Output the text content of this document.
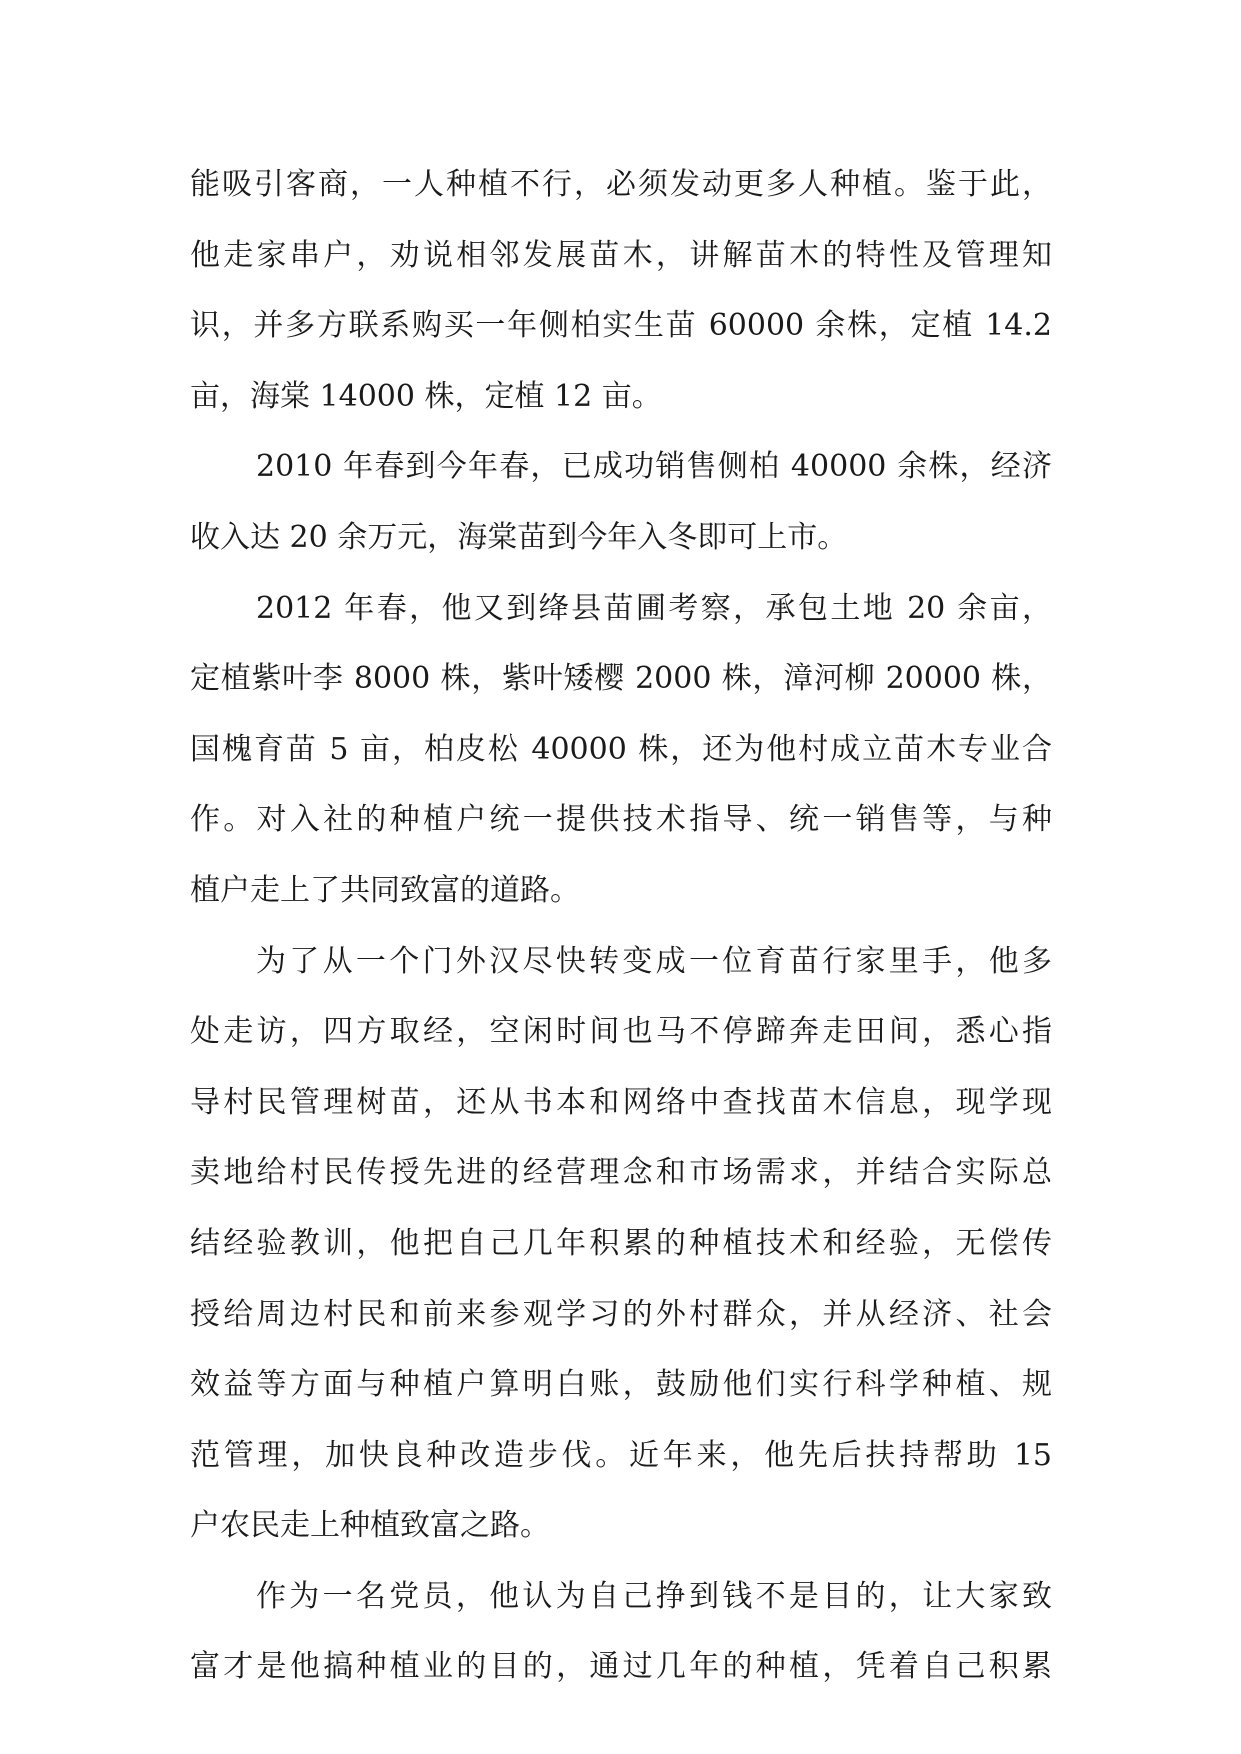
能吸引客商，一人种植不行，必须发动更多人种植。鉴于此，
他走家串户，劝说相邻发展苗木，讲解苗木的特性及管理知
识，并多方联系购买一年侧柏实生苗 60000 余株，定植 14.2
亩，海棠 14000 株，定植 12 亩。
2010 年春到今年春，已成功销售侧柏 40000 余株，经济
收入达 20 余万元，海棠苗到今年入冬即可上市。
2012 年春，他又到绛县苗圃考察，承包土地 20 余亩，
定植紫叶李 8000 株，紫叶矮樱 2000 株，漳河柳 20000 株，
国槐育苗 5 亩，柏皮松 40000 株，还为他村成立苗木专业合
作。对入社的种植户统一提供技术指导、统一销售等，与种
植户走上了共同致富的道路。
为了从一个门外汉尽快转变成一位育苗行家里手，他多
处走访，四方取经，空闲时间也马不停蹄奔走田间，悉心指
导村民管理树苗，还从书本和网络中查找苗木信息，现学现
卖地给村民传授先进的经营理念和市场需求，并结合实际总
结经验教训，他把自己几年积累的种植技术和经验，无偿传
授给周边村民和前来参观学习的外村群众，并从经济、社会
效益等方面与种植户算明白账，鼓励他们实行科学种植、规
范管理，加快良种改造步伐。近年来，他先后扶持帮助 15
户农民走上种植致富之路。
作为一名党员，他认为自己挣到钱不是目的，让大家致
富才是他搞种植业的目的，通过几年的种植，凭着自己积累
